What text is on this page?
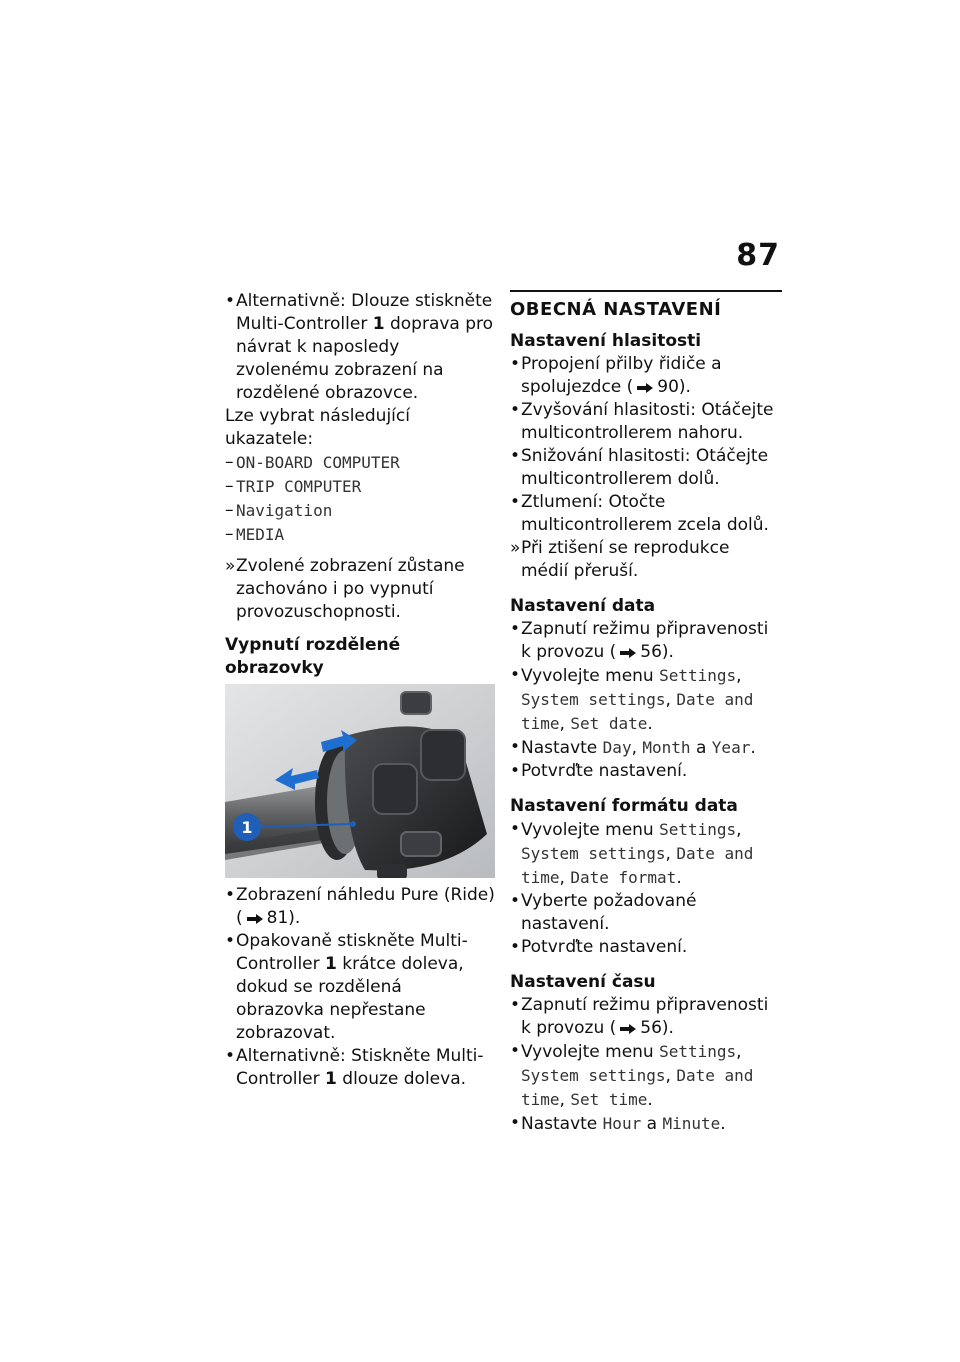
87

• Alternativně: Dlouze stiskněte Multi-Controller 1 doprava pro návrat k naposledy zvolenému zobrazení na rozdělené obrazovce.

Lze vybrat následující ukazatele:

– ON-BOARD COMPUTER

– TRIP COMPUTER

– Navigation

– MEDIA

» Zvolené zobrazení zůstane zachováno i po vypnutí provozuschopnosti.

Vypnutí rozdělené obrazovky

1

• Zobrazení náhledu Pure (Ride)
( 81).

• Opakovaně stiskněte Multi-Controller 1 krátce doleva, dokud se rozdělená obrazovka nepřestane zobrazovat.

• Alternativně: Stiskněte Multi-Controller 1 dlouze doleva.

OBECNÁ NASTAVENÍ

Nastavení hlasitosti

• Propojení přilby řidiče a spolujezdce ( 90).

• Zvyšování hlasitosti: Otáčejte multicontrollerem nahoru.

• Snižování hlasitosti: Otáčejte multicontrollerem dolů.

• Ztlumení: Otočte multicontrollerem zcela dolů.

» Při ztišení se reprodukce médií přeruší.

Nastavení data

• Zapnutí režimu připravenosti k provozu ( 56).

• Vyvolejte menu Settings, System settings, Date and time, Set date.

• Nastavte Day, Month a Year.

• Potvrďte nastavení.

Nastavení formátu data

• Vyvolejte menu Settings, System settings, Date and time, Date format.

• Vyberte požadované nastavení.

• Potvrďte nastavení.

Nastavení času

• Zapnutí režimu připravenosti k provozu ( 56).

• Vyvolejte menu Settings, System settings, Date and time, Set time.

• Nastavte Hour a Minute.
